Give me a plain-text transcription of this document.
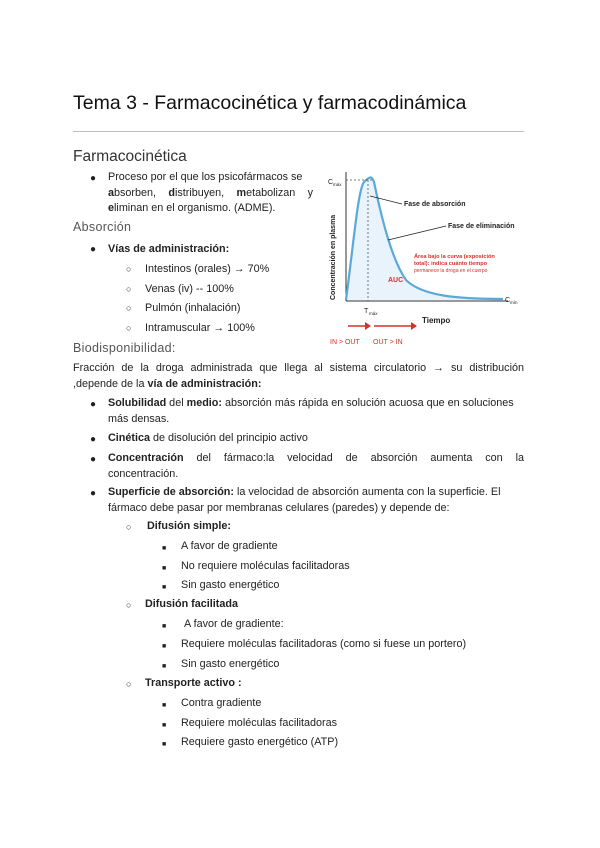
Tema 3 - Farmacocinética y farmacodinámica
Farmacocinética
● Proceso por el que los psicofármacos se
absorben, distribuyen, metabolizan y
eliminan en el organismo. (ADME).
Absorción
● Vías de administración:
○ Intestinos (orales) → 70%
○ Venas (iv) -- 100%
○ Pulmón (inhalación)
○ Intramuscular → 100%
C máx
C mín
T máx
Tiempo
Concentración en plasma
Fase de absorción
Fase de eliminación
Área bajo la curva (exposición
total): indica cuánto tiempo
permanece la droga en el cuerpo
AUC
IN > OUT OUT > IN
Biodisponibilidad:
Fracción de la droga administrada que llega al sistema circulatorio → su distribución
,depende de la vía de administración:
● Solubilidad del medio: absorción más rápida en solución acuosa que en soluciones
más densas.
● Cinética de disolución del principio activo
● Concentración del fármaco:la velocidad de absorción aumenta con la
concentración.
● Superficie de absorción: la velocidad de absorción aumenta con la superficie. El
fármaco debe pasar por membranas celulares (paredes) y depende de:
○ Difusión simple:
■ A favor de gradiente
■ No requiere moléculas facilitadoras
■ Sin gasto energético
○ Difusión facilitada
■ A favor de gradiente:
■ Requiere moléculas facilitadoras (como si fuese un portero)
■ Sin gasto energético
○ Transporte activo :
■ Contra gradiente
■ Requiere moléculas facilitadoras
■ Requiere gasto energético (ATP)
